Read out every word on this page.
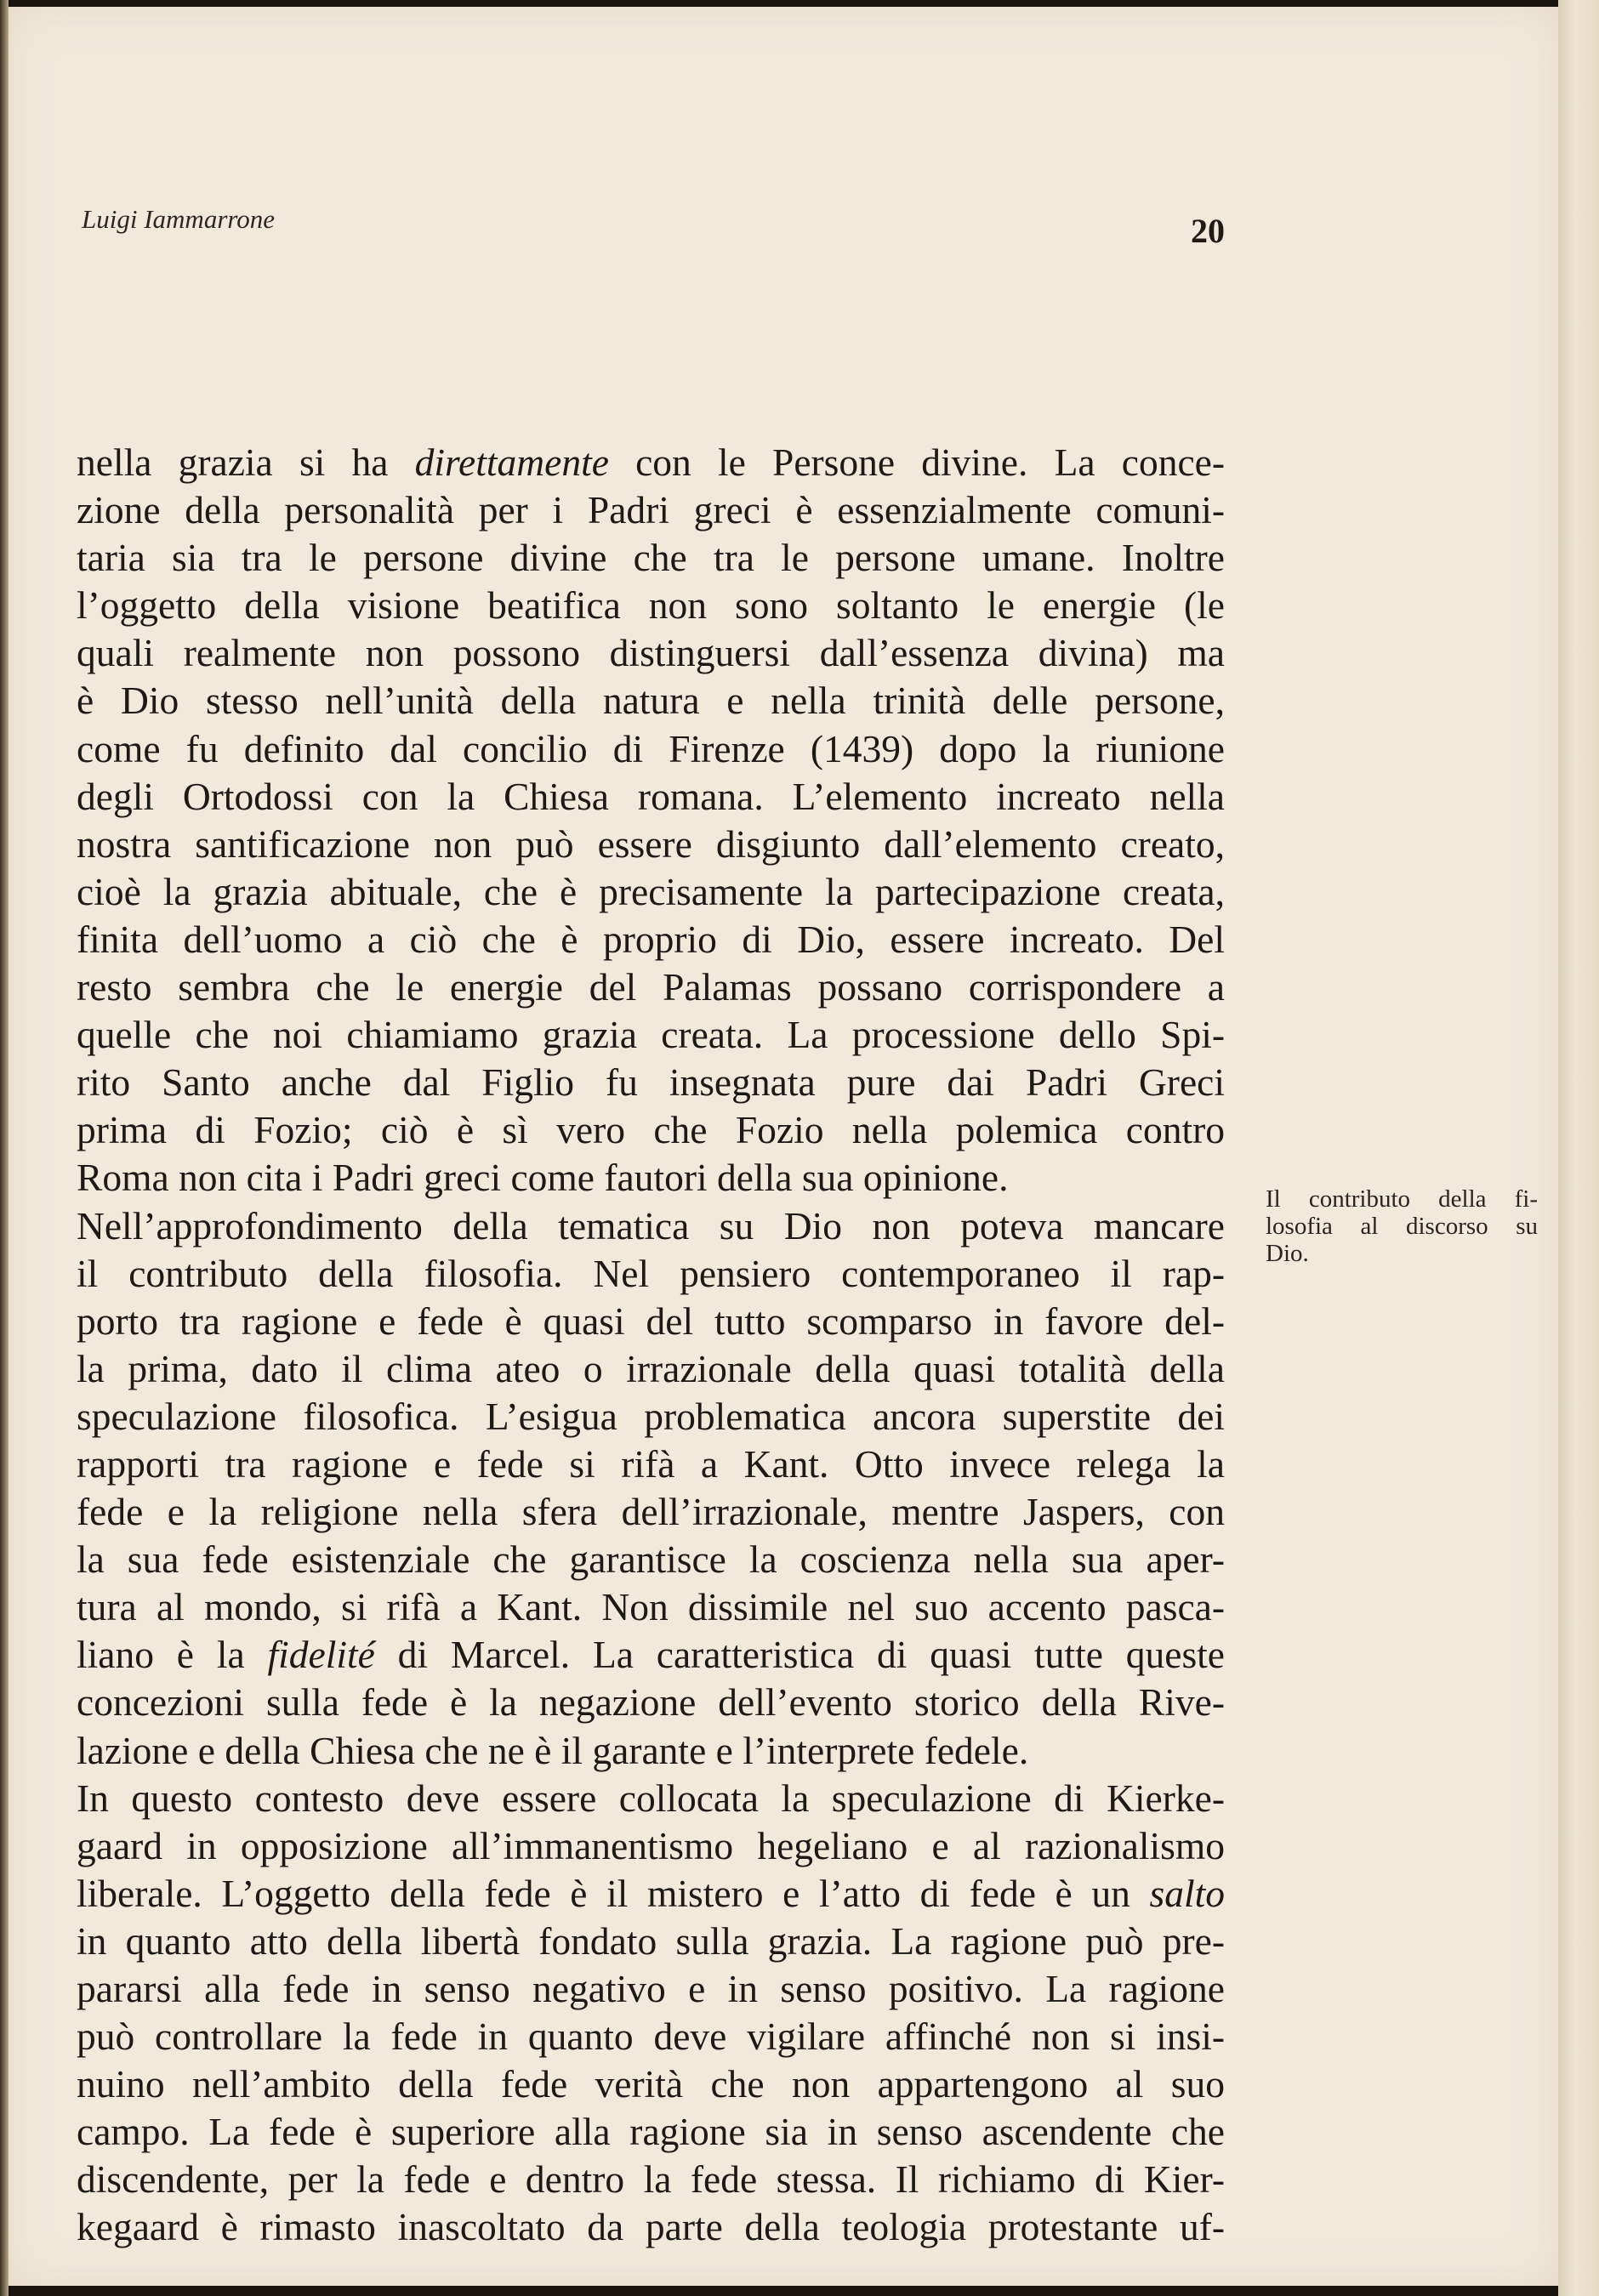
Luigi Iammarrone	20
nella grazia si ha direttamente con le Persone divine. La conce-
zione della personalità per i Padri greci è essenzialmente comuni-
taria sia tra le persone divine che tra le persone umane. Inoltre
l’oggetto della visione beatifica non sono soltanto le energie (le
quali realmente non possono distinguersi dall’essenza divina) ma
è Dio stesso nell’unità della natura e nella trinità delle persone,
come fu definito dal concilio di Firenze (1439) dopo la riunione
degli Ortodossi con la Chiesa romana. L’elemento increato nella
nostra santificazione non può essere disgiunto dall’elemento creato,
cioè la grazia abituale, che è precisamente la partecipazione creata,
finita dell’uomo a ciò che è proprio di Dio, essere increato. Del
resto sembra che le energie del Palamas possano corrispondere a
quelle che noi chiamiamo grazia creata. La processione dello Spi-
rito Santo anche dal Figlio fu insegnata pure dai Padri Greci
prima di Fozio; ciò è sì vero che Fozio nella polemica contro
Roma non cita i Padri greci come fautori della sua opinione.
Nell’approfondimento della tematica su Dio non poteva mancare
il contributo della filosofia. Nel pensiero contemporaneo il rap-
porto tra ragione e fede è quasi del tutto scomparso in favore del-
la prima, dato il clima ateo o irrazionale della quasi totalità della
speculazione filosofica. L’esigua problematica ancora superstite dei
rapporti tra ragione e fede si rifà a Kant. Otto invece relega la
fede e la religione nella sfera dell’irrazionale, mentre Jaspers, con
la sua fede esistenziale che garantisce la coscienza nella sua aper-
tura al mondo, si rifà a Kant. Non dissimile nel suo accento pasca-
liano è la fidelité di Marcel. La caratteristica di quasi tutte queste
concezioni sulla fede è la negazione dell’evento storico della Rive-
lazione e della Chiesa che ne è il garante e l’interprete fedele.
In questo contesto deve essere collocata la speculazione di Kierke-
gaard in opposizione all’immanentismo hegeliano e al razionalismo
liberale. L’oggetto della fede è il mistero e l’atto di fede è un salto
in quanto atto della libertà fondato sulla grazia. La ragione può pre-
pararsi alla fede in senso negativo e in senso positivo. La ragione
può controllare la fede in quanto deve vigilare affinché non si insi-
nuino nell’ambito della fede verità che non appartengono al suo
campo. La fede è superiore alla ragione sia in senso ascendente che
discendente, per la fede e dentro la fede stessa. Il richiamo di Kier-
kegaard è rimasto inascoltato da parte della teologia protestante uf-
Il contributo della fi-
losofia al discorso su
Dio.
